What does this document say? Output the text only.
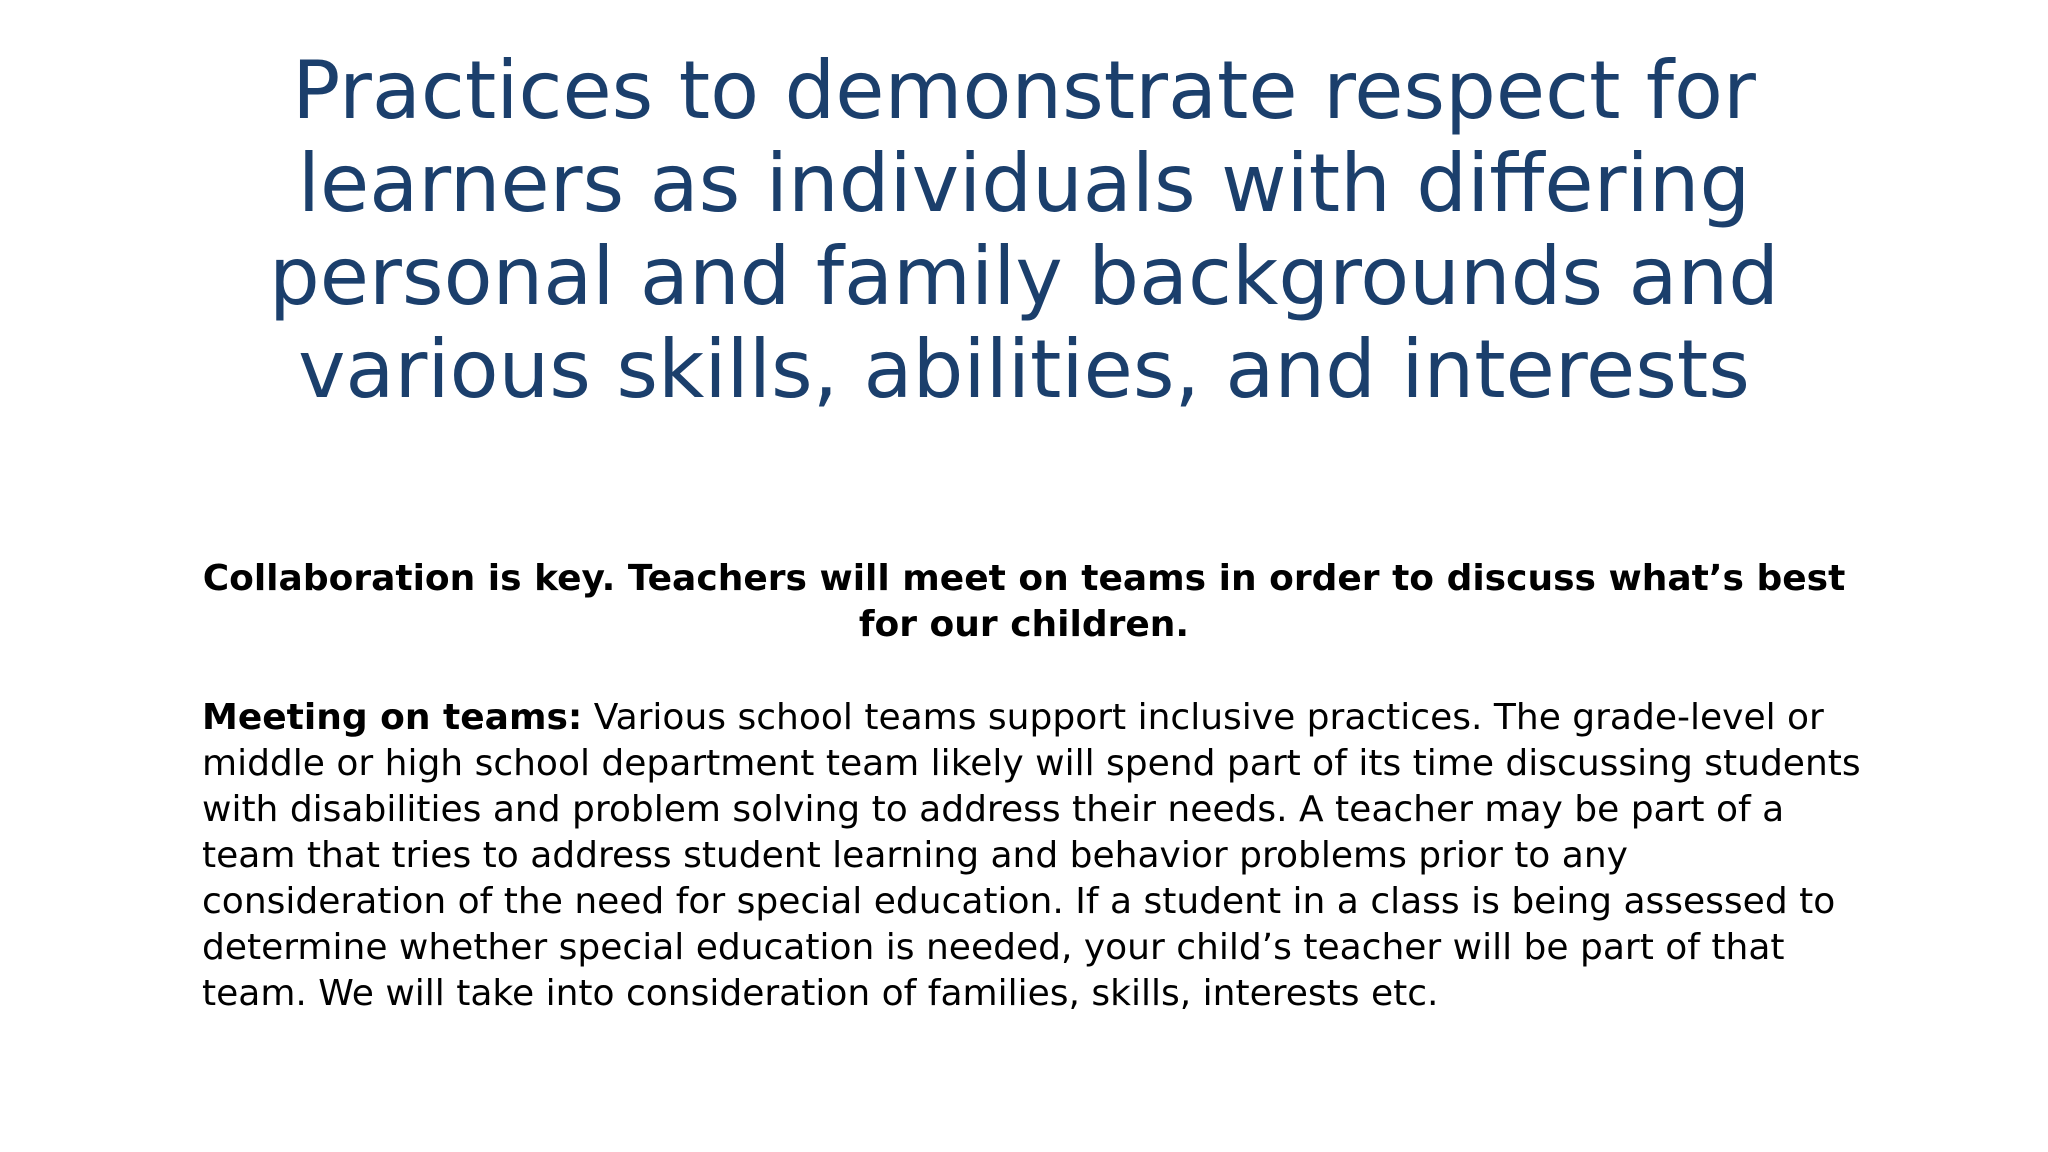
Practices to demonstrate respect for learners as individuals with differing personal and family backgrounds and various skills, abilities, and interests

Collaboration is key. Teachers will meet on teams in order to discuss what’s best for our children.

Meeting on teams: Various school teams support inclusive practices. The grade-level or middle or high school department team likely will spend part of its time discussing students with disabilities and problem solving to address their needs. A teacher may be part of a team that tries to address student learning and behavior problems prior to any consideration of the need for special education. If a student in a class is being assessed to determine whether special education is needed, your child’s teacher will be part of that team. We will take into consideration of families, skills, interests etc.
